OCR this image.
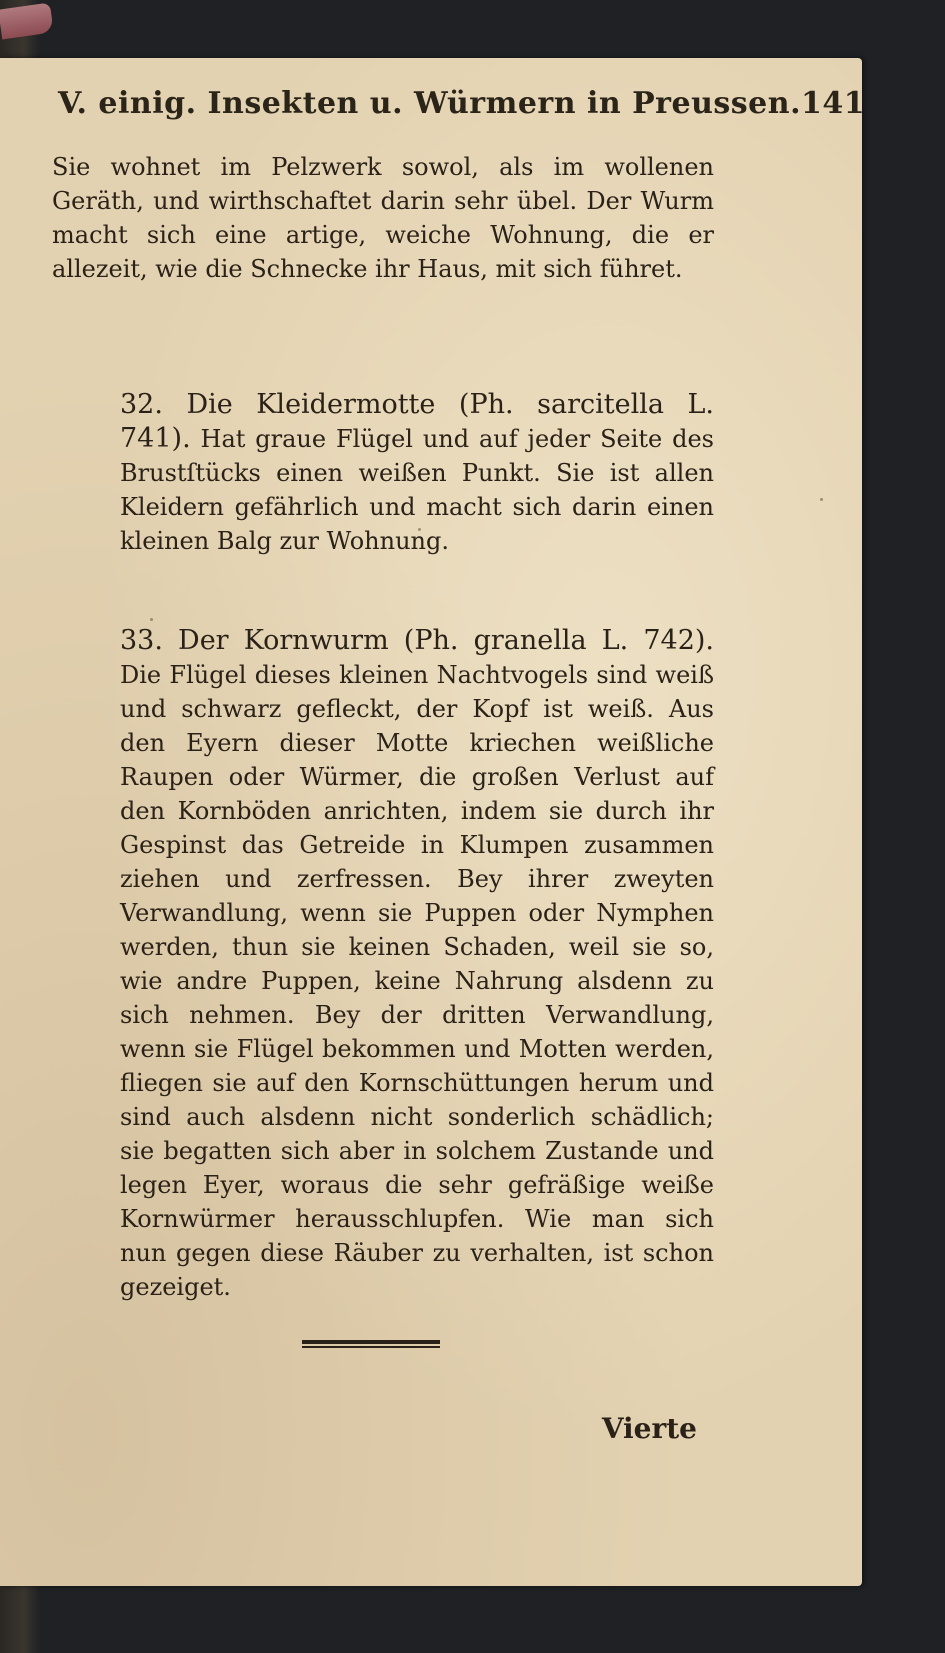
V. einig. Insekten u. Würmern in Preussen. 141

Sie wohnet im Pelzwerk sowol, als im wollenen Geräth, und wirthschaftet darin sehr übel. Der Wurm macht sich eine artige, weiche Wohnung, die er allezeit, wie die Schnecke ihr Haus, mit sich führet.

32. Die Kleidermotte (Ph. sarcitella L. 741). Hat graue Flügel und auf jeder Seite des Brustſtücks einen weißen Punkt. Sie ist allen Kleidern gefährlich und macht sich darin einen kleinen Balg zur Wohnung.

33. Der Kornwurm (Ph. granella L. 742). Die Flügel dieses kleinen Nachtvogels sind weiß und schwarz gefleckt, der Kopf ist weiß. Aus den Eyern dieser Motte kriechen weißliche Raupen oder Würmer, die großen Verlust auf den Kornböden anrichten, indem sie durch ihr Gespinst das Getreide in Klumpen zusammen ziehen und zerfressen. Bey ihrer zweyten Verwandlung, wenn sie Puppen oder Nymphen werden, thun sie keinen Schaden, weil sie so, wie andre Puppen, keine Nahrung alsdenn zu sich nehmen. Bey der dritten Verwandlung, wenn sie Flügel bekommen und Motten werden, fliegen sie auf den Kornschüttungen herum und sind auch alsdenn nicht sonderlich schädlich; sie begatten sich aber in solchem Zustande und legen Eyer, woraus die sehr gefräßige weiße Kornwürmer herausschlupfen. Wie man sich nun gegen diese Räuber zu verhalten, ist schon gezeiget.

Vierte
